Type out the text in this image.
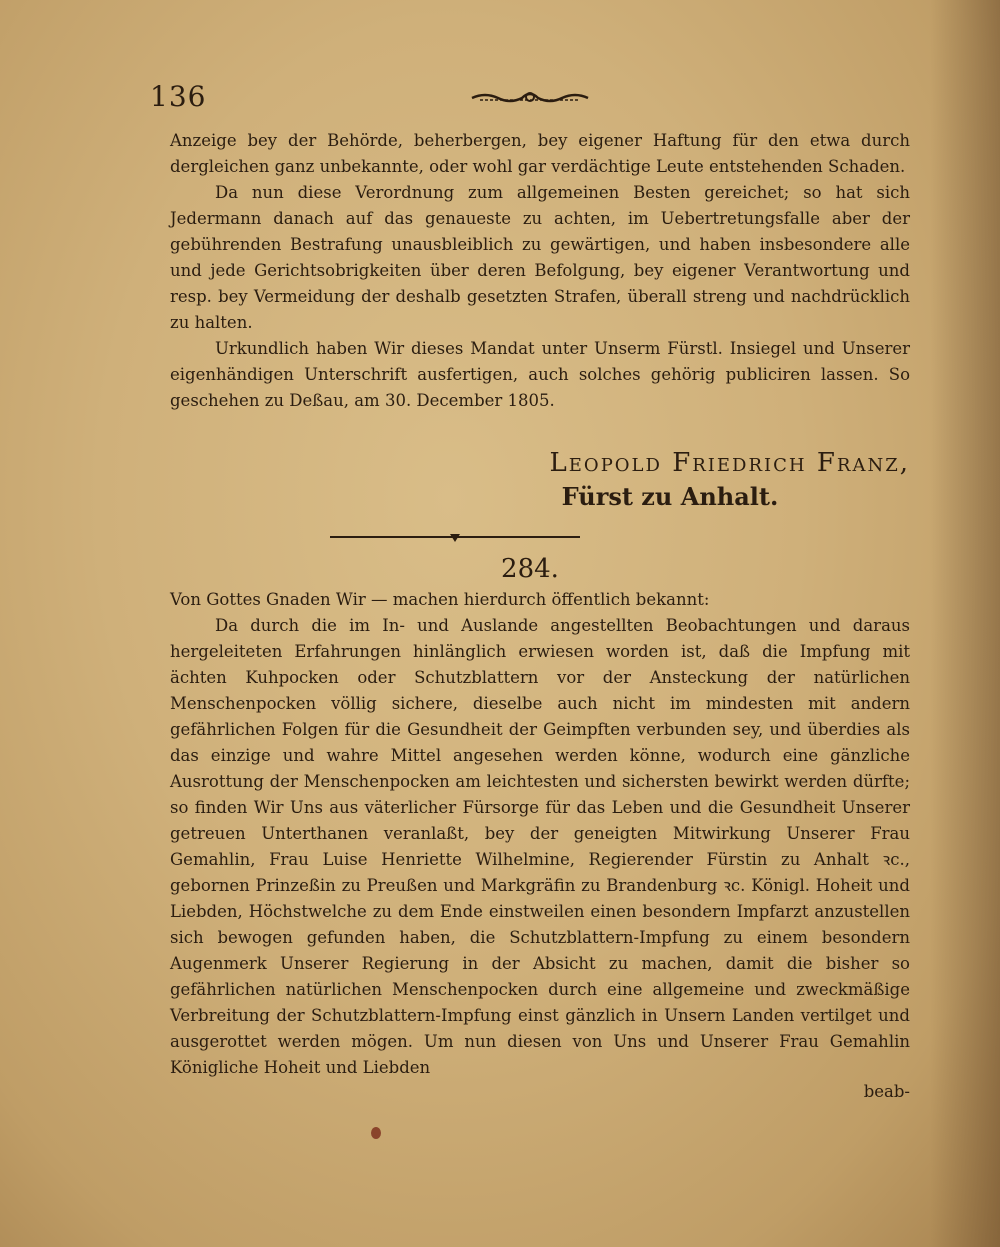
136

Anzeige bey der Behörde, beherbergen, bey eigener Haftung für den etwa durch dergleichen ganz unbekannte, oder wohl gar verdächtige Leute entstehenden Schaden.

Da nun diese Verordnung zum allgemeinen Besten gereichet; so hat sich Jedermann danach auf das genaueste zu achten, im Uebertretungsfalle aber der gebührenden Bestrafung unausbleiblich zu gewärtigen, und haben insbesondere alle und jede Gerichtsobrigkeiten über deren Befolgung, bey eigener Verantwortung und resp. bey Vermeidung der deshalb gesetzten Strafen, überall streng und nachdrücklich zu halten.

Urkundlich haben Wir dieses Mandat unter Unserm Fürstl. Insiegel und Unserer eigenhändigen Unterschrift ausfertigen, auch solches gehörig publiciren lassen. So geschehen zu Deßau, am 30. December 1805.

Leopold Friedrich Franz,
Fürst zu Anhalt.
284.

Von Gottes Gnaden Wir — machen hierdurch öffentlich bekannt:

Da durch die im In- und Auslande angestellten Beobachtungen und daraus hergeleiteten Erfahrungen hinlänglich erwiesen worden ist, daß die Impfung mit ächten Kuhpocken oder Schutzblattern vor der Ansteckung der natürlichen Menschenpocken völlig sichere, dieselbe auch nicht im mindesten mit andern gefährlichen Folgen für die Gesundheit der Geimpften verbunden sey, und überdies als das einzige und wahre Mittel angesehen werden könne, wodurch eine gänzliche Ausrottung der Menschenpocken am leichtesten und sichersten bewirkt werden dürfte; so finden Wir Uns aus väterlicher Fürsorge für das Leben und die Gesundheit Unserer getreuen Unterthanen veranlaßt, bey der geneigten Mitwirkung Unserer Frau Gemahlin, Frau Luise Henriette Wilhelmine, Regierender Fürstin zu Anhalt ꝛc., gebornen Prinzeßin zu Preußen und Markgräfin zu Brandenburg ꝛc. Königl. Hoheit und Liebden, Höchstwelche zu dem Ende einstweilen einen besondern Impfarzt anzustellen sich bewogen gefunden haben, die Schutzblattern-Impfung zu einem besondern Augenmerk Unserer Regierung in der Absicht zu machen, damit die bisher so gefährlichen natürlichen Menschenpocken durch eine allgemeine und zweckmäßige Verbreitung der Schutzblattern-Impfung einst gänzlich in Unsern Landen vertilget und ausgerottet werden mögen. Um nun diesen von Uns und Unserer Frau Gemahlin Königliche Hoheit und Liebden

beab-
